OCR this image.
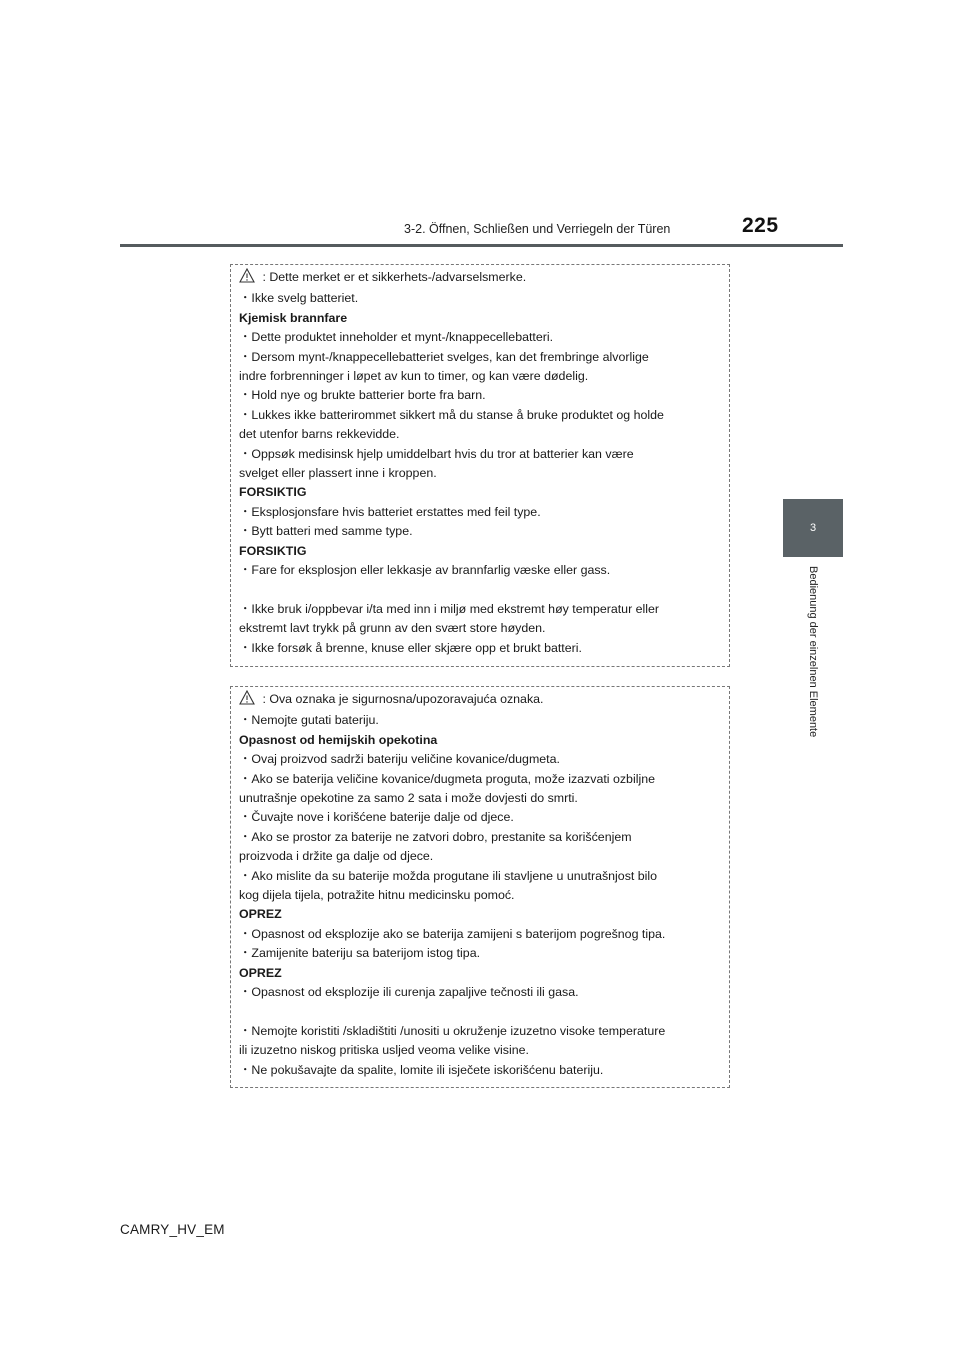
3-2. Öffnen, Schließen und Verriegeln der Türen	225
3
Bedienung der einzelnen Elemente
: Dette merket er et sikkerhets-/advarselsmerke.
・Ikke svelg batteriet.
Kjemisk brannfare
・Dette produktet inneholder et mynt-/knappecellebatteri.
・Dersom mynt-/knappecellebatteriet svelges, kan det frembringe alvorlige
indre forbrenninger i løpet av kun to timer, og kan være dødelig.
・Hold nye og brukte batterier borte fra barn.
・Lukkes ikke batterirommet sikkert må du stanse å bruke produktet og holde
det utenfor barns rekkevidde.
・Oppsøk medisinsk hjelp umiddelbart hvis du tror at batterier kan være
svelget eller plassert inne i kroppen.
FORSIKTIG
・Eksplosjonsfare hvis batteriet erstattes med feil type.
・Bytt batteri med samme type.
FORSIKTIG
・Fare for eksplosjon eller lekkasje av brannfarlig væske eller gass.
・Ikke bruk i/oppbevar i/ta med inn i miljø med ekstremt høy temperatur eller
ekstremt lavt trykk på grunn av den svært store høyden.
・Ikke forsøk å brenne, knuse eller skjære opp et brukt batteri.
: Ova oznaka je sigurnosna/upozoravajuća oznaka.
・Nemojte gutati bateriju.
Opasnost od hemijskih opekotina
・Ovaj proizvod sadrži bateriju veličine kovanice/dugmeta.
・Ako se baterija veličine kovanice/dugmeta proguta, može izazvati ozbiljne
unutrašnje opekotine za samo 2 sata i može dovjesti do smrti.
・Čuvajte nove i korišćene baterije dalje od djece.
・Ako se prostor za baterije ne zatvori dobro, prestanite sa korišćenjem
proizvoda i držite ga dalje od djece.
・Ako mislite da su baterije možda progutane ili stavljene u unutrašnjost bilo
kog dijela tijela, potražite hitnu medicinsku pomoć.
OPREZ
・Opasnost od eksplozije ako se baterija zamijeni s baterijom pogrešnog tipa.
・Zamijenite bateriju sa baterijom istog tipa.
OPREZ
・Opasnost od eksplozije ili curenja zapaljive tečnosti ili gasa.
・Nemojte koristiti /skladištiti /unositi u okruženje izuzetno visoke temperature
ili izuzetno niskog pritiska usljed veoma velike visine.
・Ne pokušavajte da spalite, lomite ili isječete iskorišćenu bateriju.
CAMRY_HV_EM
